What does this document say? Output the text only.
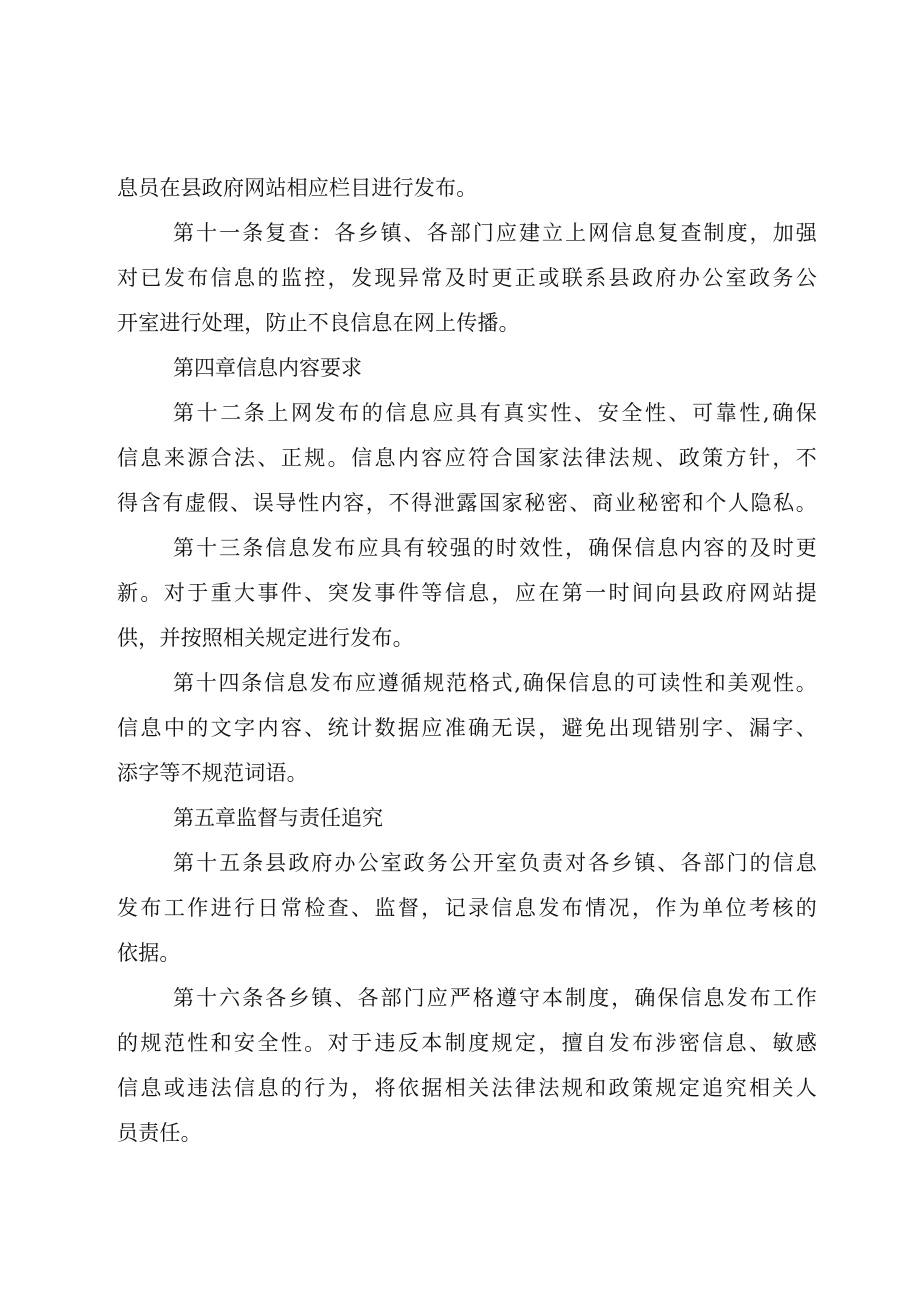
息员在县政府网站相应栏目进行发布。

第十一条复查：各乡镇、各部门应建立上网信息复查制度，加强
对已发布信息的监控，发现异常及时更正或联系县政府办公室政务公
开室进行处理，防止不良信息在网上传播。

第四章信息内容要求

第十二条上网发布的信息应具有真实性、安全性、可靠性,确保
信息来源合法、正规。信息内容应符合国家法律法规、政策方针，不
得含有虚假、误导性内容，不得泄露国家秘密、商业秘密和个人隐私。

第十三条信息发布应具有较强的时效性，确保信息内容的及时更
新。对于重大事件、突发事件等信息，应在第一时间向县政府网站提
供，并按照相关规定进行发布。

第十四条信息发布应遵循规范格式,确保信息的可读性和美观性。
信息中的文字内容、统计数据应准确无误，避免出现错别字、漏字、
添字等不规范词语。

第五章监督与责任追究

第十五条县政府办公室政务公开室负责对各乡镇、各部门的信息
发布工作进行日常检查、监督，记录信息发布情况，作为单位考核的
依据。

第十六条各乡镇、各部门应严格遵守本制度，确保信息发布工作
的规范性和安全性。对于违反本制度规定，擅自发布涉密信息、敏感
信息或违法信息的行为，将依据相关法律法规和政策规定追究相关人
员责任。
